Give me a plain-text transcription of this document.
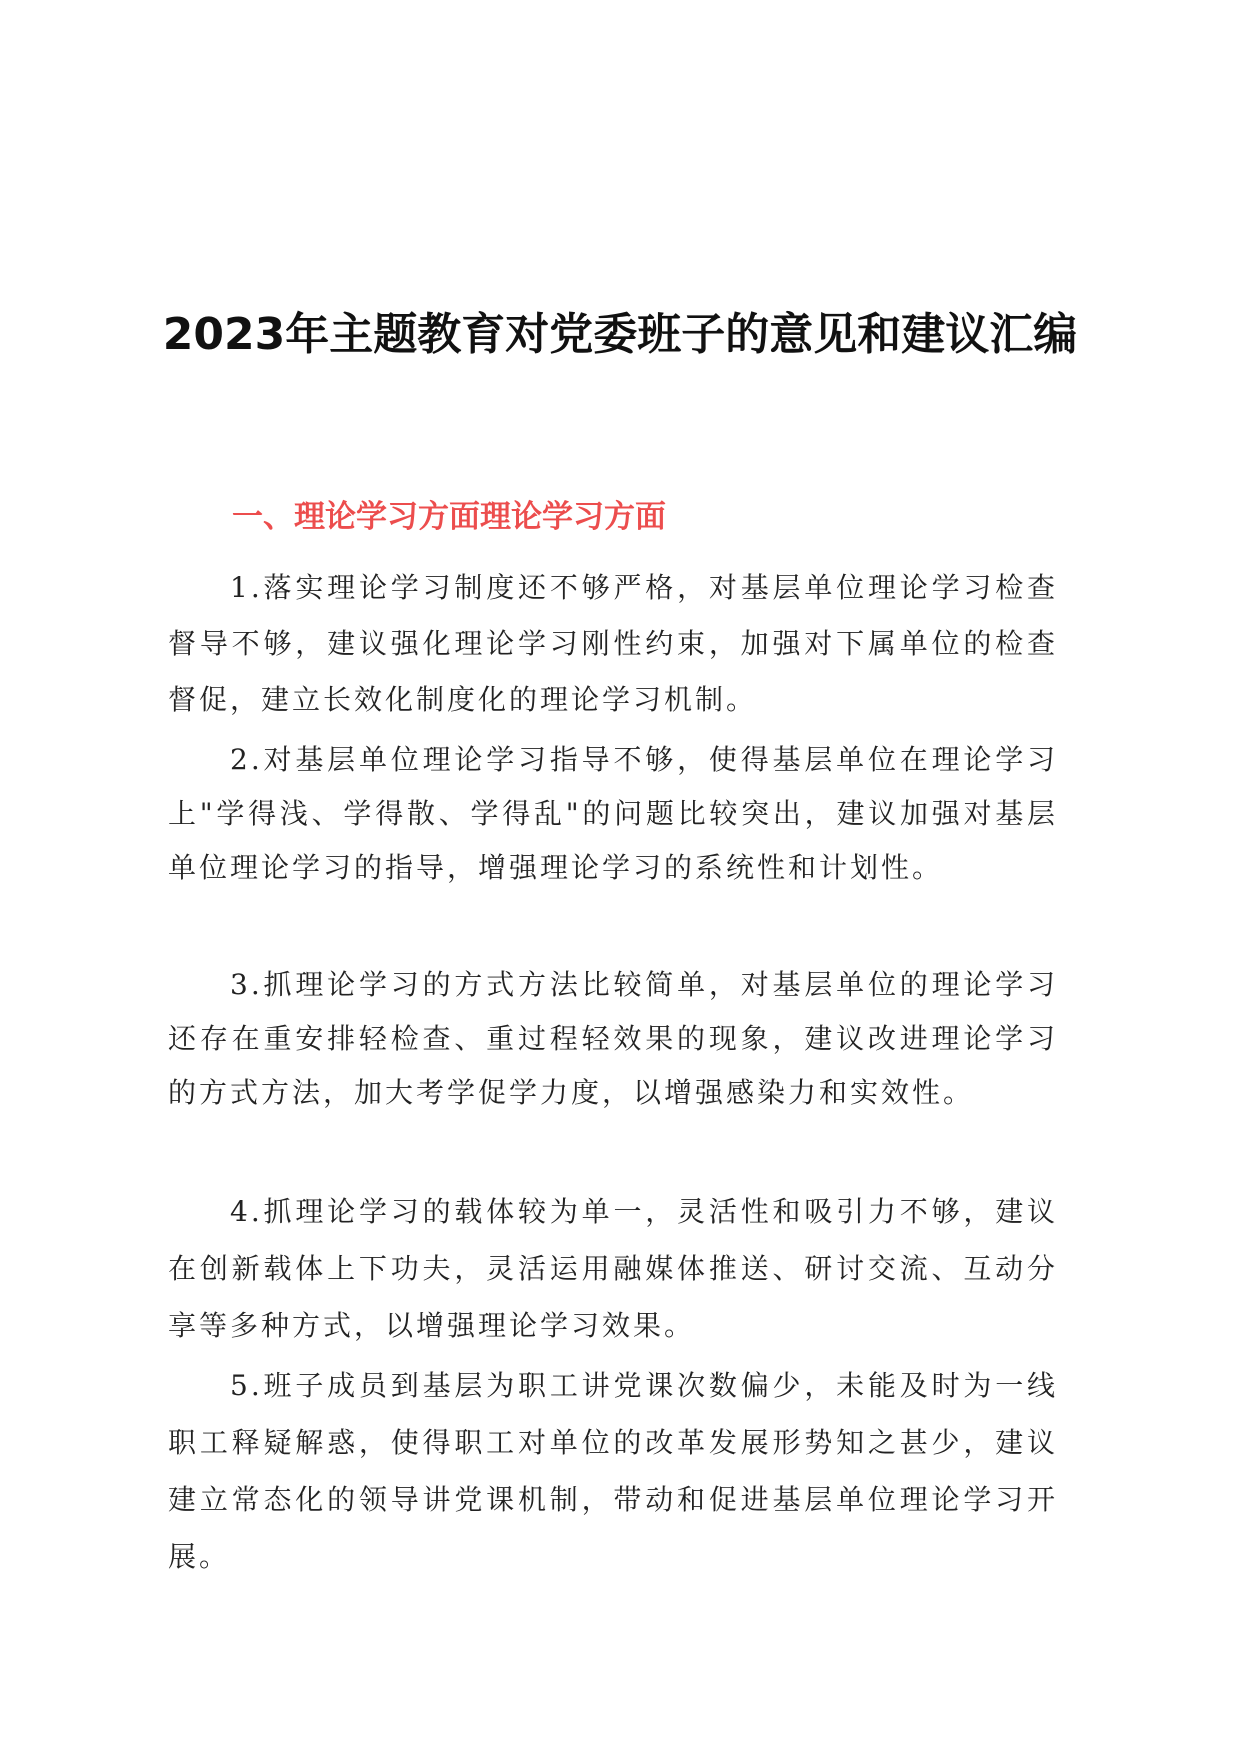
2023年主题教育对党委班子的意见和建议汇编
一、理论学习方面理论学习方面

1.落实理论学习制度还不够严格，对基层单位理论学习检查督导不够，建议强化理论学习刚性约束，加强对下属单位的检查督促，建立长效化制度化的理论学习机制。

2.对基层单位理论学习指导不够，使得基层单位在理论学习上"学得浅、学得散、学得乱"的问题比较突出，建议加强对基层单位理论学习的指导，增强理论学习的系统性和计划性。

3.抓理论学习的方式方法比较简单，对基层单位的理论学习还存在重安排轻检查、重过程轻效果的现象，建议改进理论学习的方式方法，加大考学促学力度，以增强感染力和实效性。

4.抓理论学习的载体较为单一，灵活性和吸引力不够，建议在创新载体上下功夫，灵活运用融媒体推送、研讨交流、互动分享等多种方式，以增强理论学习效果。

5.班子成员到基层为职工讲党课次数偏少，未能及时为一线职工释疑解惑，使得职工对单位的改革发展形势知之甚少，建议建立常态化的领导讲党课机制，带动和促进基层单位理论学习开展。
